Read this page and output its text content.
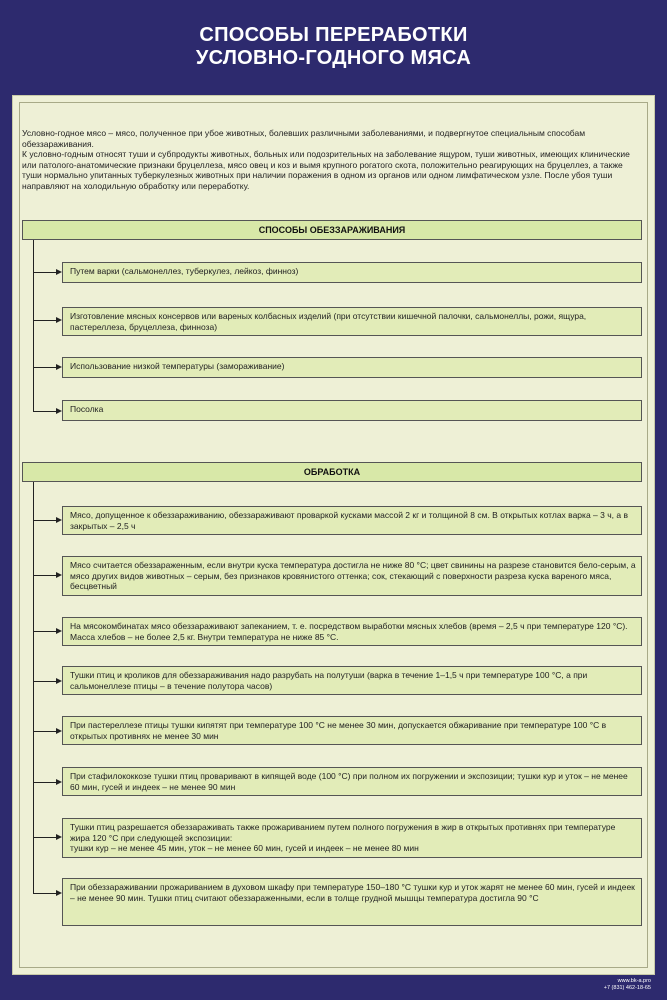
СПОСОБЫ ПЕРЕРАБОТКИ
УСЛОВНО-ГОДНОГО МЯСА
Условно-годное мясо – мясо, полученное при убое животных, болевших различными заболеваниями, и подвергнутое специальным способам обеззараживания.
К условно-годным относят туши и субпродукты животных, больных или подозрительных на заболевание ящуром, туши животных, имеющих клинические или патолого-анатомические признаки бруцеллеза, мясо овец и коз и вымя крупного рогатого скота, положительно реагирующих на бруцеллез, а также туши нормально упитанных туберкулезных животных при наличии поражения в одном из органов или одном лимфатическом узле. После убоя туши направляют на холодильную обработку или переработку.
СПОСОБЫ ОБЕЗЗАРАЖИВАНИЯ
Путем варки (сальмонеллез, туберкулез, лейкоз, финноз)
Изготовление мясных консервов или вареных колбасных изделий (при отсутствии кишечной палочки, сальмонеллы, рожи, ящура, пастереллеза, бруцеллеза, финноза)
Использование низкой температуры (замораживание)
Посолка
ОБРАБОТКА
Мясо, допущенное к обеззараживанию, обеззараживают проваркой кусками массой 2 кг и толщиной 8 см. В открытых котлах варка – 3 ч, а в закрытых – 2,5 ч
Мясо считается обеззараженным, если внутри куска температура достигла не ниже 80 °С; цвет свинины на разрезе становится бело-серым, а мясо других видов животных – серым, без признаков кровянистого оттенка; сок, стекающий с поверхности разреза куска вареного мяса, бесцветный
На мясокомбинатах мясо обеззараживают запеканием, т. е. посредством выработки мясных хлебов (время – 2,5 ч при температуре 120 °С). Масса хлебов – не более 2,5 кг. Внутри температура не ниже 85 °С.
Тушки птиц и кроликов для обеззараживания надо разрубать на полутуши (варка в течение 1–1,5 ч при температуре 100 °С, а при сальмонеллезе птицы – в течение полутора часов)
При пастереллезе птицы тушки кипятят при температуре 100 °С не менее 30 мин, допускается обжаривание при температуре 100 °С в открытых противнях не менее 30 мин
При стафилококкозе тушки птиц проваривают в кипящей воде (100 °С) при полном их погружении и экспозиции; тушки кур и уток – не менее 60 мин, гусей и индеек – не менее 90 мин
Тушки птиц разрешается обеззараживать также прожариванием путем полного погружения в жир в открытых противнях при температуре жира 120 °С при следующей экспозиции:
тушки кур – не менее 45 мин, уток – не менее 60 мин, гусей и индеек – не менее 80 мин
При обеззараживании прожариванием в духовом шкафу при температуре 150–180 °С тушки кур и уток жарят не менее 60 мин, гусей и индеек – не менее 90 мин. Тушки птиц считают обеззараженными, если в толще грудной мышцы температура достигла 90 °С
www.bk-a.pro
+7 (831) 462-18-65
